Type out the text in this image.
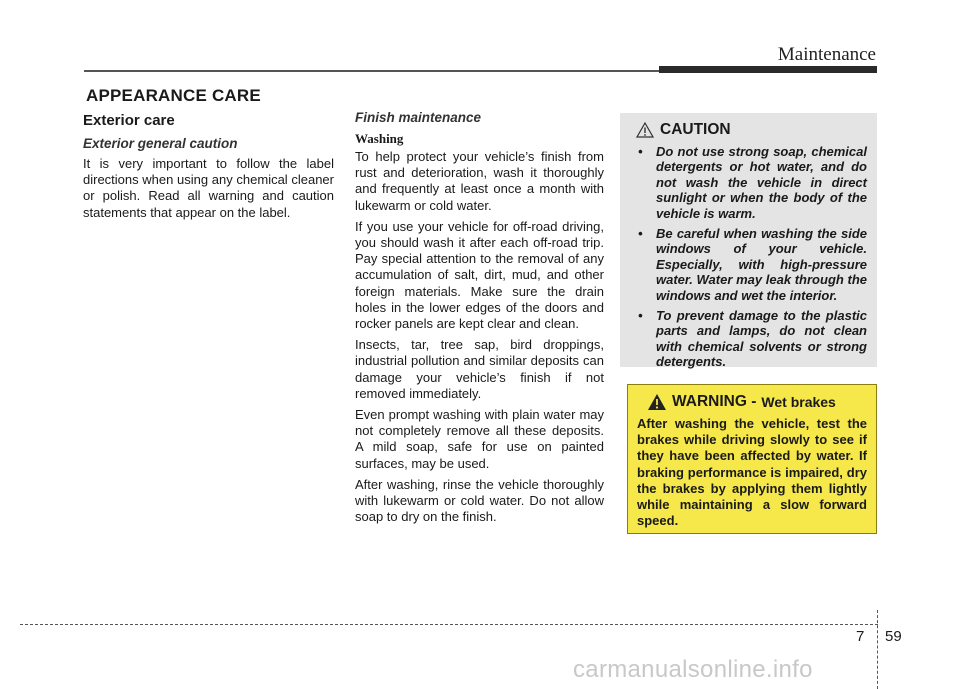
Maintenance
APPEARANCE CARE
Exterior care
Exterior general caution

It is very important to follow the label directions when using any chemical cleaner or polish. Read all warning and caution statements that appear on the label.

Finish maintenance
Washing

To help protect your vehicle’s finish from rust and deterioration, wash it thoroughly and frequently at least once a month with lukewarm or cold water.

If you use your vehicle for off-road driving, you should wash it after each off-road trip. Pay special attention to the removal of any accumulation of salt, dirt, mud, and other foreign materials. Make sure the drain holes in the lower edges of the doors and rocker panels are kept clear and clean.

Insects, tar, tree sap, bird droppings, industrial pollution and similar deposits can damage your vehicle’s finish if not removed immediately.

Even prompt washing with plain water may not completely remove all these deposits. A mild soap, safe for use on painted surfaces, may be used.

After washing, rinse the vehicle thoroughly with lukewarm or cold water. Do not allow soap to dry on the finish.

CAUTION
• Do not use strong soap, chemical detergents or hot water, and do not wash the vehicle in direct sunlight or when the body of the vehicle is warm.
• Be careful when washing the side windows of your vehicle. Especially, with high-pressure water. Water may leak through the windows and wet the interior.
• To prevent damage to the plastic parts and lamps, do not clean with chemical solvents or strong detergents.
WARNING - Wet brakes

After washing the vehicle, test the brakes while driving slowly to see if they have been affected by water. If braking performance is impaired, dry the brakes by applying them lightly while maintaining a slow forward speed.

7 59
carmanualsonline.info
